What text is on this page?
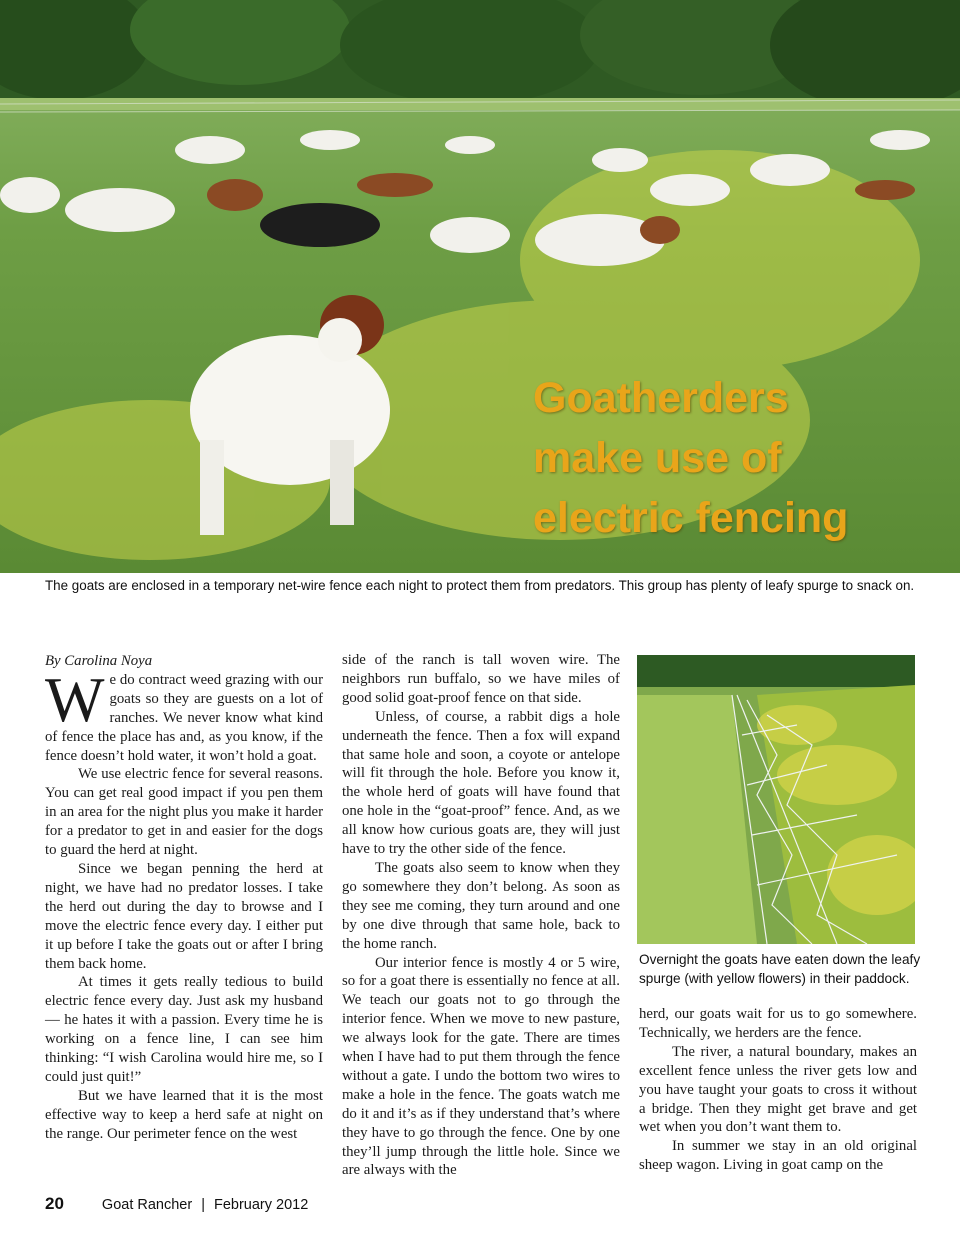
Goatherders
make use of
electric fencing
The goats are enclosed in a temporary net-wire fence each night to protect them from predators. This group has plenty of leafy spurge to snack on.

By Carolina Noya

We do contract weed grazing with our goats so they are guests on a lot of ranches. We never know what kind of fence the place has and, as you know, if the fence doesn’t hold water, it won’t hold a goat.

We use electric fence for several reasons. You can get real good impact if you pen them in an area for the night plus you make it harder for a predator to get in and easier for the dogs to guard the herd at night.

Since we began penning the herd at night, we have had no predator losses. I take the herd out during the day to browse and I move the electric fence every day. I either put it up before I take the goats out or after I bring them back home.

At times it gets really tedious to build electric fence every day. Just ask my husband — he hates it with a passion. Every time he is working on a fence line, I can see him thinking: “I wish Carolina would hire me, so I could just quit!”

But we have learned that it is the most effective way to keep a herd safe at night on the range. Our perimeter fence on the west

side of the ranch is tall woven wire. The neighbors run buffalo, so we have miles of good solid goat-proof fence on that side.

Unless, of course, a rabbit digs a hole underneath the fence. Then a fox will expand that same hole and soon, a coyote or antelope will fit through the hole. Before you know it, the whole herd of goats will have found that one hole in the “goat-proof” fence. And, as we all know how curious goats are, they will just have to try the other side of the fence.

The goats also seem to know when they go somewhere they don’t belong. As soon as they see me coming, they turn around and one by one dive through that same hole, back to the home ranch.

Our interior fence is mostly 4 or 5 wire, so for a goat there is essentially no fence at all. We teach our goats not to go through the interior fence. When we move to new pasture, we always look for the gate. There are times when I have had to put them through the fence without a gate. I undo the bottom two wires to make a hole in the fence. The goats watch me do it and it’s as if they understand that’s where they have to go through the fence. One by one they’ll jump through the little hole. Since we are always with the

Overnight the goats have eaten down the leafy spurge (with yellow flowers) in their paddock.

herd, our goats wait for us to go somewhere. Technically, we herders are the fence.

The river, a natural boundary, makes an excellent fence unless the river gets low and you have taught your goats to cross it without a bridge. Then they might get brave and get wet when you don’t want them to.

In summer we stay in an old original sheep wagon. Living in goat camp on the

20	Goat Rancher | February 2012
